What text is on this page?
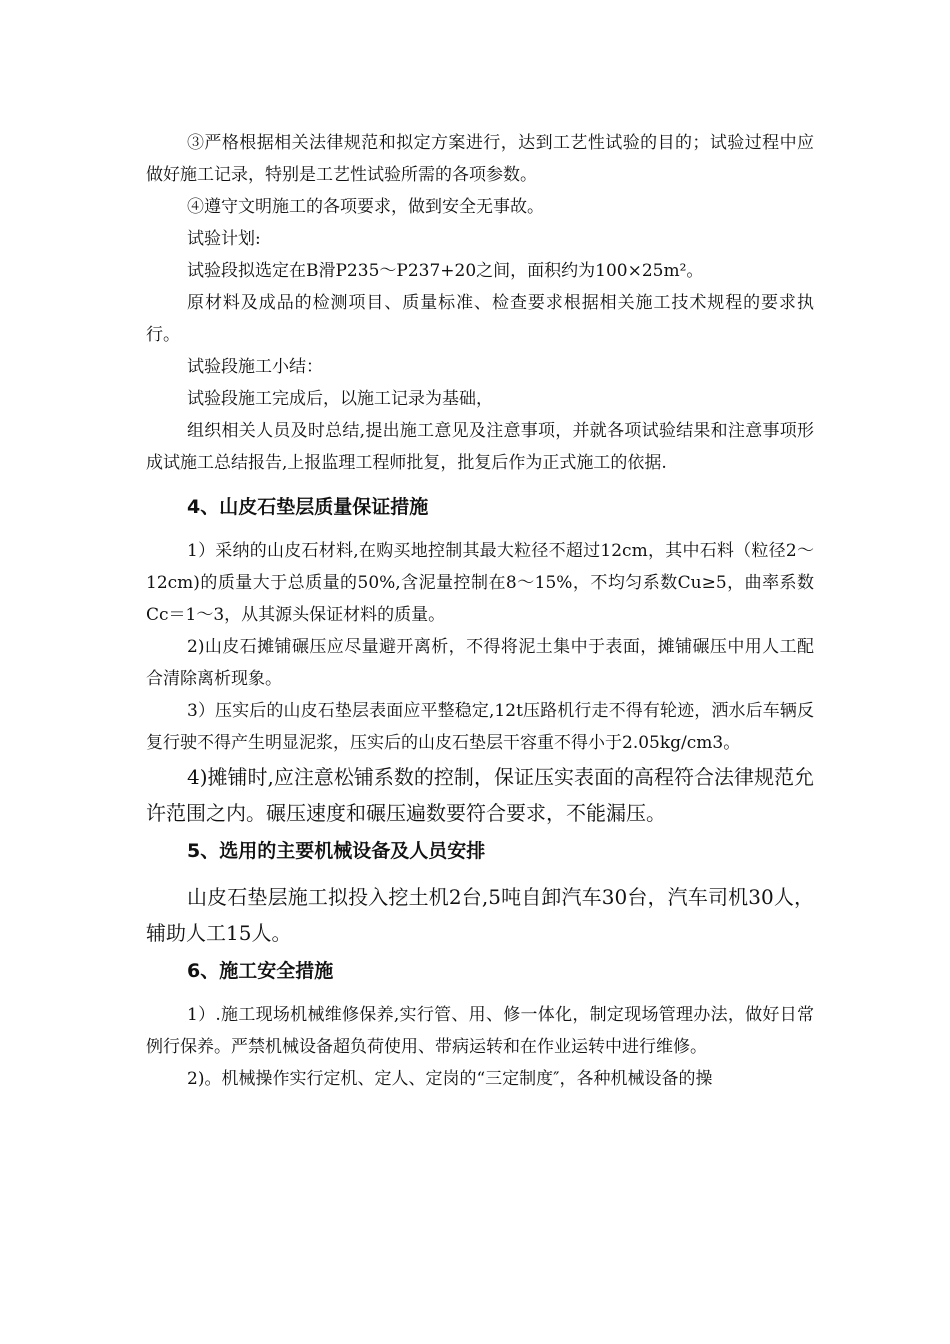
③严格根据相关法律规范和拟定方案进行，达到工艺性试验的目的；试验过程中应做好施工记录，特别是工艺性试验所需的各项参数。

④遵守文明施工的各项要求，做到安全无事故。

试验计划:

试验段拟选定在B滑P235～P237+20之间，面积约为100×25m²。

原材料及成品的检测项目、质量标准、检查要求根据相关施工技术规程的要求执行。

试验段施工小结：

试验段施工完成后，以施工记录为基础，

组织相关人员及时总结,提出施工意见及注意事项，并就各项试验结果和注意事项形成试施工总结报告,上报监理工程师批复，批复后作为正式施工的依据.

4、山皮石垫层质量保证措施

1）采纳的山皮石材料,在购买地控制其最大粒径不超过12cm，其中石料（粒径2～12cm)的质量大于总质量的50%,含泥量控制在8～15%，不均匀系数Cu≥5，曲率系数Cc＝1～3，从其源头保证材料的质量。

2)山皮石摊铺碾压应尽量避开离析，不得将泥土集中于表面，摊铺碾压中用人工配合清除离析现象。

3）压实后的山皮石垫层表面应平整稳定,12t压路机行走不得有轮迹，洒水后车辆反复行驶不得产生明显泥浆，压实后的山皮石垫层干容重不得小于2.05kg/cm3。

4)摊铺时,应注意松铺系数的控制，保证压实表面的高程符合法律规范允许范围之内。碾压速度和碾压遍数要符合要求，不能漏压。

5、选用的主要机械设备及人员安排

山皮石垫层施工拟投入挖土机2台,5吨自卸汽车30台，汽车司机30人，辅助人工15人。

6、施工安全措施

1）.施工现场机械维修保养,实行管、用、修一体化，制定现场管理办法，做好日常例行保养。严禁机械设备超负荷使用、带病运转和在作业运转中进行维修。

2)。机械操作实行定机、定人、定岗的“三定制度″，各种机械设备的操
